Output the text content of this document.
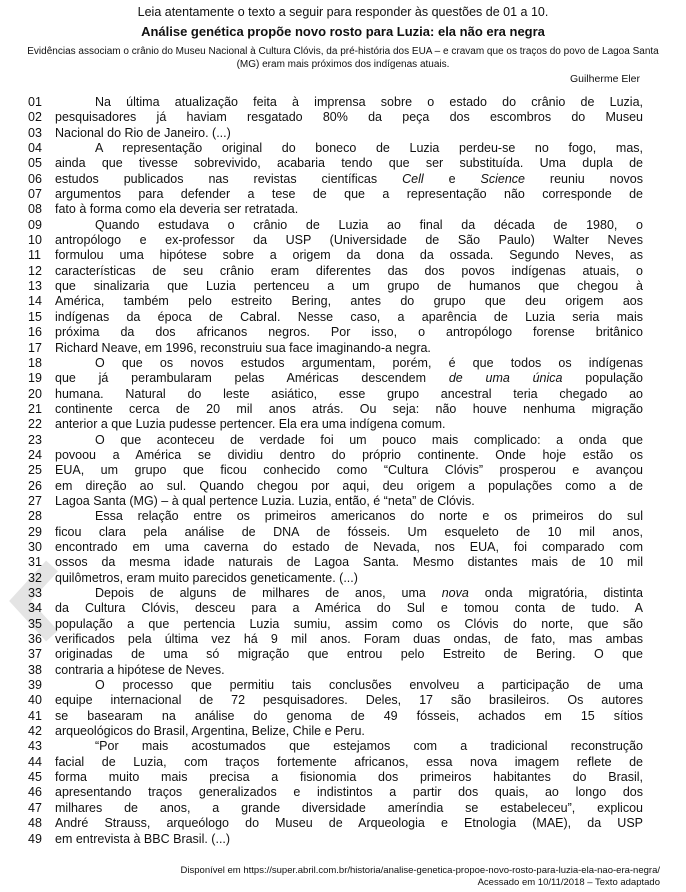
Leia atentamente o texto a seguir para responder às questões de 01 a 10.
Análise genética propõe novo rosto para Luzia: ela não era negra
Evidências associam o crânio do Museu Nacional à Cultura Clóvis, da pré-história dos EUA – e cravam que os traços do povo de Lagoa Santa (MG) eram mais próximos dos indígenas atuais.
Guilherme Eler
01	Na última atualização feita à imprensa sobre o estado do crânio de Luzia,
02	pesquisadores já haviam resgatado 80% da peça dos escombros do Museu
03	Nacional do Rio de Janeiro. (...)
04	A representação original do boneco de Luzia perdeu-se no fogo, mas,
05	ainda que tivesse sobrevivido, acabaria tendo que ser substituída. Uma dupla de
06	estudos publicados nas revistas científicas Cell e Science reuniu novos
07	argumentos para defender a tese de que a representação não corresponde de
08	fato à forma como ela deveria ser retratada.
09	Quando estudava o crânio de Luzia ao final da década de 1980, o
10	antropólogo e ex-professor da USP (Universidade de São Paulo) Walter Neves
11	formulou uma hipótese sobre a origem da dona da ossada. Segundo Neves, as
12	características de seu crânio eram diferentes das dos povos indígenas atuais, o
13	que sinalizaria que Luzia pertenceu a um grupo de humanos que chegou à
14	América, também pelo estreito Bering, antes do grupo que deu origem aos
15	indígenas da época de Cabral. Nesse caso, a aparência de Luzia seria mais
16	próxima da dos africanos negros. Por isso, o antropólogo forense britânico
17	Richard Neave, em 1996, reconstruiu sua face imaginando-a negra.
18	O que os novos estudos argumentam, porém, é que todos os indígenas
19	que já perambularam pelas Américas descendem de uma única população
20	humana. Natural do leste asiático, esse grupo ancestral teria chegado ao
21	continente cerca de 20 mil anos atrás. Ou seja: não houve nenhuma migração
22	anterior a que Luzia pudesse pertencer. Ela era uma indígena comum.
23	O que aconteceu de verdade foi um pouco mais complicado: a onda que
24	povoou a América se dividiu dentro do próprio continente. Onde hoje estão os
25	EUA, um grupo que ficou conhecido como “Cultura Clóvis” prosperou e avançou
26	em direção ao sul. Quando chegou por aqui, deu origem a populações como a de
27	Lagoa Santa (MG) – à qual pertence Luzia. Luzia, então, é “neta” de Clóvis.
28	Essa relação entre os primeiros americanos do norte e os primeiros do sul
29	ficou clara pela análise de DNA de fósseis. Um esqueleto de 10 mil anos,
30	encontrado em uma caverna do estado de Nevada, nos EUA, foi comparado com
31	ossos da mesma idade naturais de Lagoa Santa. Mesmo distantes mais de 10 mil
32	quilômetros, eram muito parecidos geneticamente. (...)
33	Depois de alguns de milhares de anos, uma nova onda migratória, distinta
34	da Cultura Clóvis, desceu para a América do Sul e tomou conta de tudo. A
35	população a que pertencia Luzia sumiu, assim como os Clóvis do norte, que são
36	verificados pela última vez há 9 mil anos. Foram duas ondas, de fato, mas ambas
37	originadas de uma só migração que entrou pelo Estreito de Bering. O que
38	contraria a hipótese de Neves.
39	O processo que permitiu tais conclusões envolveu a participação de uma
40	equipe internacional de 72 pesquisadores. Deles, 17 são brasileiros. Os autores
41	se basearam na análise do genoma de 49 fósseis, achados em 15 sítios
42	arqueológicos do Brasil, Argentina, Belize, Chile e Peru.
43	“Por mais acostumados que estejamos com a tradicional reconstrução
44	facial de Luzia, com traços fortemente africanos, essa nova imagem reflete de
45	forma muito mais precisa a fisionomia dos primeiros habitantes do Brasil,
46	apresentando traços generalizados e indistintos a partir dos quais, ao longo dos
47	milhares de anos, a grande diversidade ameríndia se estabeleceu”, explicou
48	André Strauss, arqueólogo do Museu de Arqueologia e Etnologia (MAE), da USP
49	em entrevista à BBC Brasil. (...)
Disponível em https://super.abril.com.br/historia/analise-genetica-propoe-novo-rosto-para-luzia-ela-nao-era-negra/
Acessado em 10/11/2018 – Texto adaptado
